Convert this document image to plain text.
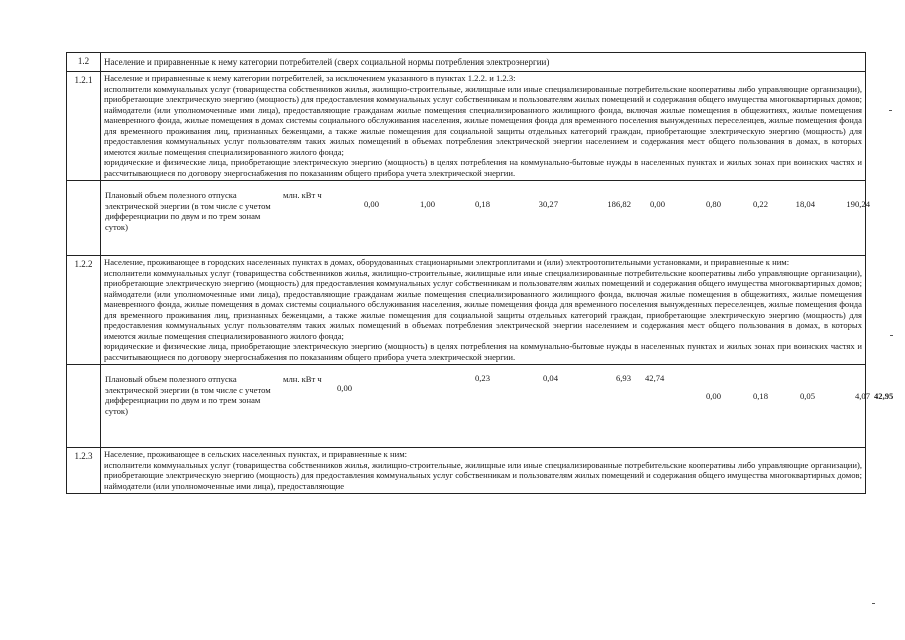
1.2	Население и приравненные к нему категории потребителей (сверх социальной нормы потребления электроэнергии)
1.2.1	Население и приравненные к нему категории потребителей, за исключением указанного в пунктах 1.2.2. и 1.2.3:

исполнители коммунальных услуг (товарищества собственников жилья, жилищно-строительные, жилищные или иные специализированные потребительские кооперативы либо управляющие организации), приобретающие электрическую энергию (мощность) для предоставления коммунальных услуг собственникам и пользователям жилых помещений и содержания общего имущества многоквартирных домов; наймодатели (или уполномоченные ими лица), предоставляющие гражданам жилые помещения специализированного жилищного фонда, включая жилые помещения в общежитиях, жилые помещения маневренного фонда, жилые помещения в домах системы социального обслуживания населения, жилые помещения фонда для временного поселения вынужденных переселенцев, жилые помещения фонда для временного проживания лиц, признанных беженцами, а также жилые помещения для социальной защиты отдельных категорий граждан, приобретающие электрическую энергию (мощность) для предоставления коммунальных услуг пользователям таких жилых помещений в объемах потребления электрической энергии населением и содержания мест общего пользования в домах, в которых имеются жилые помещения специализированного жилого фонда;

юридические и физические лица, приобретающие электрическую энергию (мощность) в целях потребления на коммунально-бытовые нужды в населенных пунктах и жилых зонах при воинских частях и рассчитывающиеся по договору энергоснабжения по показаниям общего прибора учета электрической энергии.

Плановый объем полезного отпуска электрической энергии (в том числе с учетом дифференциации по двум и по трем зонам суток)	млн. кВт ч	0,00	1,00	0,18	30,27	186,82	0,00	0,80	0,22	18,04	190,24

1.2.2	Население, проживающее в городских населенных пунктах в домах, оборудованных стационарными электроплитами и (или) электроотопительными установками, и приравненные к ним:

исполнители коммунальных услуг (товарищества собственников жилья, жилищно-строительные, жилищные или иные специализированные потребительские кооперативы либо управляющие организации), приобретающие электрическую энергию (мощность) для предоставления коммунальных услуг собственникам и пользователям жилых помещений и содержания общего имущества многоквартирных домов; наймодатели (или уполномоченные ими лица), предоставляющие гражданам жилые помещения специализированного жилищного фонда, включая жилые помещения в общежитиях, жилые помещения маневренного фонда, жилые помещения в домах системы социального обслуживания населения, жилые помещения фонда для временного поселения вынужденных переселенцев, жилые помещения фонда для временного проживания лиц, признанных беженцами, а также жилые помещения для социальной защиты отдельных категорий граждан, приобретающие электрическую энергию (мощность) для предоставления коммунальных услуг пользователям таких жилых помещений в объемах потребления электрической энергии населением и содержания мест общего пользования в домах, в которых имеются жилые помещения специализированного жилого фонда;

юридические и физические лица, приобретающие электрическую энергию (мощность) в целях потребления на коммунально-бытовые нужды в населенных пунктах и жилых зонах при воинских частях и рассчитывающиеся по договору энергоснабжения по показаниям общего прибора учета электрической энергии.

Плановый объем полезного отпуска электрической энергии (в том числе с учетом дифференциации по двум и по трем зонам суток)	млн. кВт ч	0,00	0,23	0,04	6,93	42,74	0,00	0,18	0,05	4,07	42,95

1.2.3	Население, проживающее в сельских населенных пунктах, и приравненные к ним:

исполнители коммунальных услуг (товарищества собственников жилья, жилищно-строительные, жилищные или иные специализированные потребительские кооперативы либо управляющие организации), приобретающие электрическую энергию (мощность) для предоставления коммунальных услуг собственникам и пользователям жилых помещений и содержания общего имущества многоквартирных домов; наймодатели (или уполномоченные ими лица), предоставляющие
